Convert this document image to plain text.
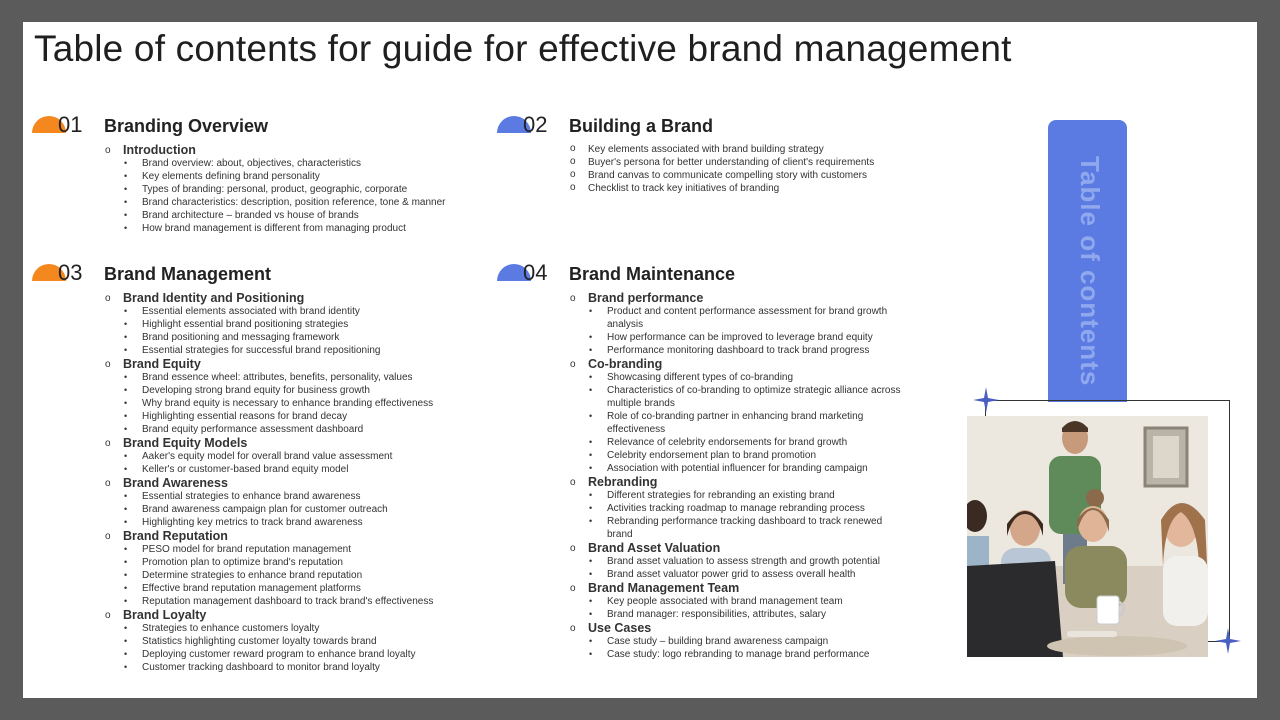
Table of contents for guide for effective brand management
01 Branding Overview
o Introduction
• Brand overview: about, objectives, characteristics
• Key elements defining brand personality
• Types of branding: personal, product, geographic, corporate
• Brand characteristics: description, position reference, tone & manner
• Brand architecture – branded vs house of brands
• How brand management is different from managing product
02 Building a Brand
o Key elements associated with brand building strategy
o Buyer's persona for better understanding of client's requirements
o Brand canvas to communicate compelling story with customers
o Checklist to track key initiatives of branding
03 Brand Management
o Brand Identity and Positioning
• Essential elements associated with brand identity
• Highlight essential brand positioning strategies
• Brand positioning and messaging framework
• Essential strategies for successful brand repositioning
o Brand Equity
• Brand essence wheel: attributes, benefits, personality, values
• Developing strong brand equity for business growth
• Why brand equity is necessary to enhance branding effectiveness
• Highlighting essential reasons for brand decay
• Brand equity performance assessment dashboard
o Brand Equity Models
• Aaker's equity model for overall brand value assessment
• Keller's or customer-based brand equity model
o Brand Awareness
• Essential strategies to enhance brand awareness
• Brand awareness campaign plan for customer outreach
• Highlighting key metrics to track brand awareness
o Brand Reputation
• PESO model for brand reputation management
• Promotion plan to optimize brand's reputation
• Determine strategies to enhance brand reputation
• Effective brand reputation management platforms
• Reputation management dashboard to track brand's effectiveness
o Brand Loyalty
• Strategies to enhance customers loyalty
• Statistics highlighting customer loyalty towards brand
• Deploying customer reward program to enhance brand loyalty
• Customer tracking dashboard to monitor brand loyalty
04 Brand Maintenance
o Brand performance
• Product and content performance assessment for brand growth analysis
• How performance can be improved to leverage brand equity
• Performance monitoring dashboard to track brand progress
o Co-branding
• Showcasing different types of co-branding
• Characteristics of co-branding to optimize strategic alliance across multiple brands
• Role of co-branding partner in enhancing brand marketing effectiveness
• Relevance of celebrity endorsements for brand growth
• Celebrity endorsement plan to brand promotion
• Association with potential influencer for branding campaign
o Rebranding
• Different strategies for rebranding an existing brand
• Activities tracking roadmap to manage rebranding process
• Rebranding performance tracking dashboard to track renewed brand
o Brand Asset Valuation
• Brand asset valuation to assess strength and growth potential
• Brand asset valuator power grid to assess overall health
o Brand Management Team
• Key people associated with brand management team
• Brand manager: responsibilities, attributes, salary
o Use Cases
• Case study – building brand awareness campaign
• Case study: logo rebranding to manage brand performance
Table of contents
